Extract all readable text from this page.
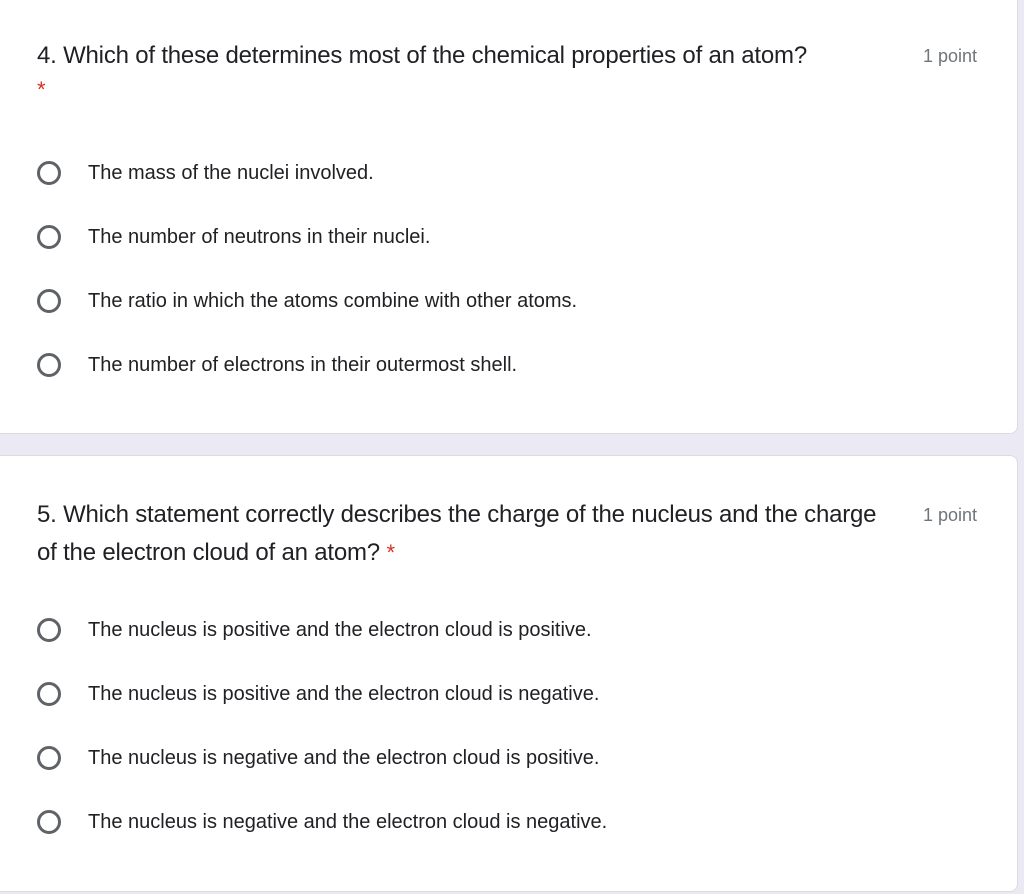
4. Which of these determines most of the chemical properties of an atom?	1 point
*
The mass of the nuclei involved.
The number of neutrons in their nuclei.
The ratio in which the atoms combine with other atoms.
The number of electrons in their outermost shell.
5. Which statement correctly describes the charge of the nucleus and the charge of the electron cloud of an atom? *
1 point
The nucleus is positive and the electron cloud is positive.
The nucleus is positive and the electron cloud is negative.
The nucleus is negative and the electron cloud is positive.
The nucleus is negative and the electron cloud is negative.
